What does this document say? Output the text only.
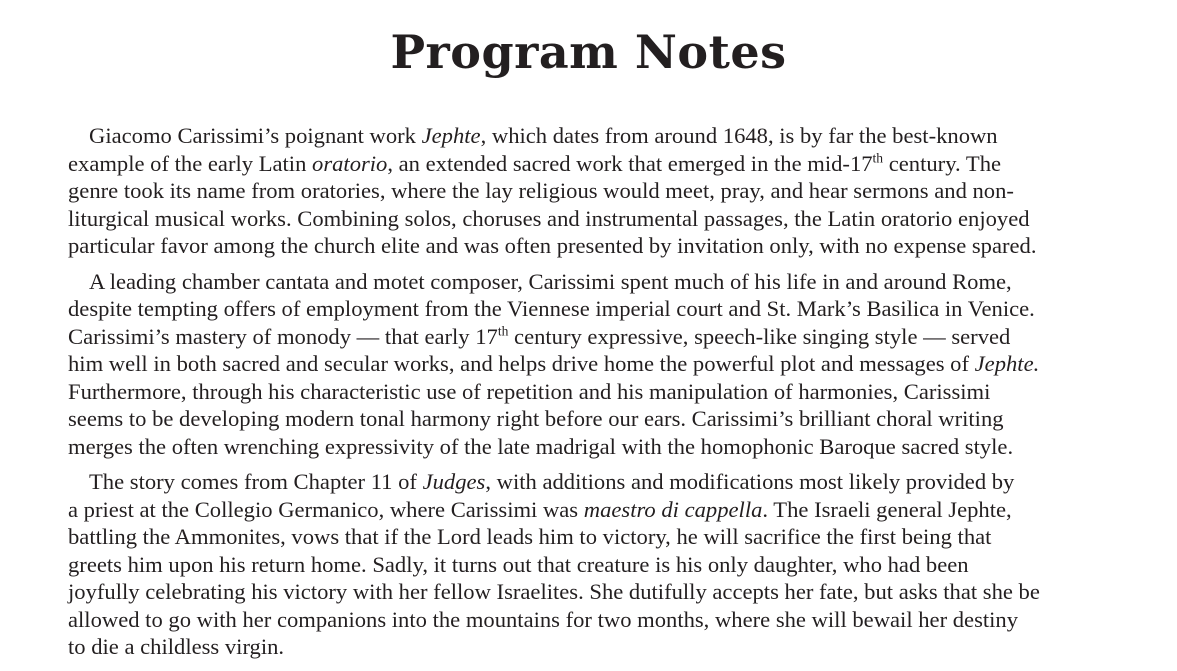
Program Notes

Giacomo Carissimi’s poignant work Jephte, which dates from around 1648, is by far the best-known
example of the early Latin oratorio, an extended sacred work that emerged in the mid-17th century. The
genre took its name from oratories, where the lay religious would meet, pray, and hear sermons and non-
liturgical musical works. Combining solos, choruses and instrumental passages, the Latin oratorio enjoyed
particular favor among the church elite and was often presented by invitation only, with no expense spared.

A leading chamber cantata and motet composer, Carissimi spent much of his life in and around Rome,
despite tempting offers of employment from the Viennese imperial court and St. Mark’s Basilica in Venice.
Carissimi’s mastery of monody — that early 17th century expressive, speech-like singing style — served
him well in both sacred and secular works, and helps drive home the powerful plot and messages of Jephte.
Furthermore, through his characteristic use of repetition and his manipulation of harmonies, Carissimi
seems to be developing modern tonal harmony right before our ears. Carissimi’s brilliant choral writing
merges the often wrenching expressivity of the late madrigal with the homophonic Baroque sacred style.

The story comes from Chapter 11 of Judges, with additions and modifications most likely provided by
a priest at the Collegio Germanico, where Carissimi was maestro di cappella. The Israeli general Jephte,
battling the Ammonites, vows that if the Lord leads him to victory, he will sacrifice the first being that
greets him upon his return home. Sadly, it turns out that creature is his only daughter, who had been
joyfully celebrating his victory with her fellow Israelites. She dutifully accepts her fate, but asks that she be
allowed to go with her companions into the mountains for two months, where she will bewail her destiny
to die a childless virgin.
